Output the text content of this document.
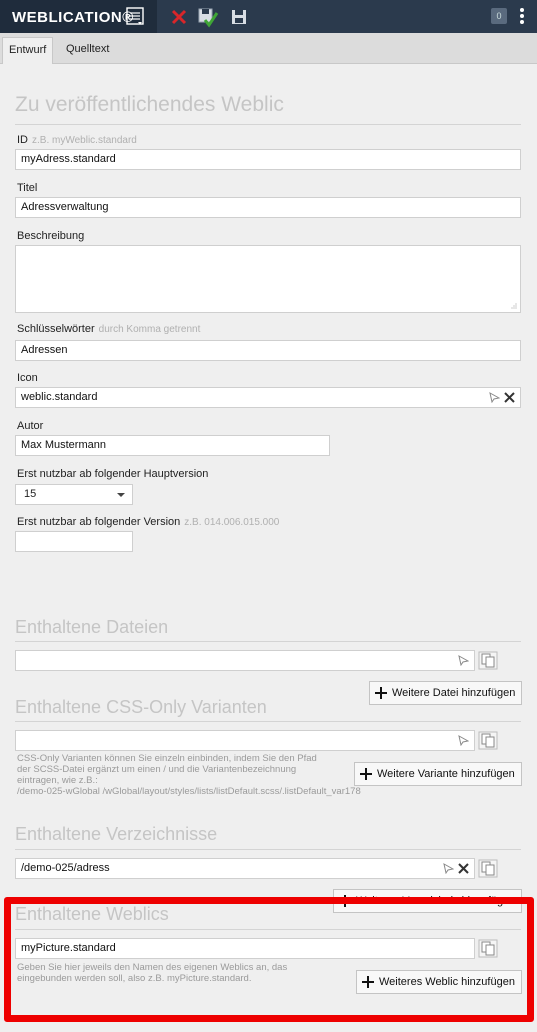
WEBLICATION®	0
Entwurf	Quelltext
Zu veröffentlichendes Weblic
ID z.B. myWeblic.standard
myAdress.standard
Titel
Adressverwaltung
Beschreibung
Schlüsselwörter durch Komma getrennt
Adressen
Icon
weblic.standard
Autor
Max Mustermann
Erst nutzbar ab folgender Hauptversion
15
Erst nutzbar ab folgender Version z.B. 014.006.015.000
Enthaltene Dateien
Weitere Datei hinzufügen
Enthaltene CSS-Only Varianten
CSS-Only Varianten können Sie einzeln einbinden, indem Sie den Pfad
der SCSS-Datei ergänzt um einen / und die Variantenbezeichnung
eintragen, wie z.B.:
/demo-025-wGlobal /wGlobal/layout/styles/lists/listDefault.scss/.listDefault_var178
Weitere Variante hinzufügen
Enthaltene Verzeichnisse
/demo-025/adress
Weiteres Verzeichnis hinzufügen
Enthaltene Weblics
myPicture.standard
Geben Sie hier jeweils den Namen des eigenen Weblics an, das
eingebunden werden soll, also z.B. myPicture.standard.	Weiteres Weblic hinzufügen
